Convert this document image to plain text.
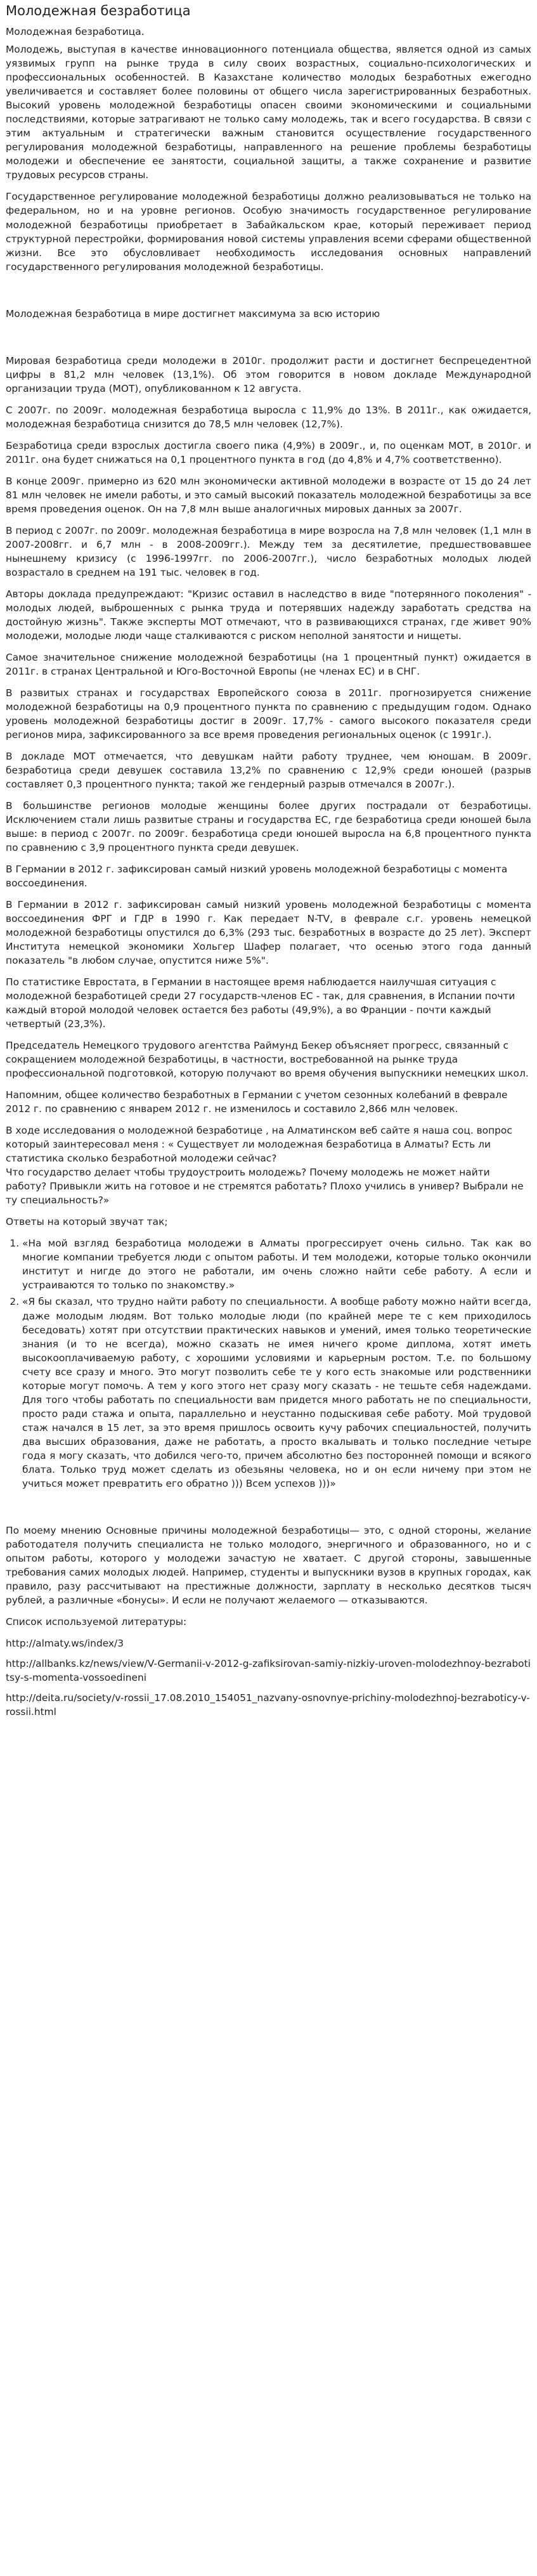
Молодежная безработица

Молодежная безработица.

Молодежь, выступая в качестве инновационного потенциала общества, является одной из самых уязвимых групп на рынке труда в силу своих возрастных, социально-психологических и профессиональных особенностей. В Казахстане количество молодых безработных ежегодно увеличивается и составляет более половины от общего числа зарегистрированных безработных. Высокий уровень молодежной безработицы опасен своими экономическими и социальными последствиями, которые затрагивают не только саму молодежь, так и всего государства. В связи с этим актуальным и стратегически важным становится осуществление государственного регулирования молодежной безработицы, направленного на решение проблемы безработицы молодежи и обеспечение ее занятости, социальной защиты, а также сохранение и развитие трудовых ресурсов страны.

Государственное регулирование молодежной безработицы должно реализовываться не только на федеральном, но и на уровне регионов. Особую значимость государственное регулирование молодежной безработицы приобретает в Забайкальском крае, который переживает период структурной перестройки, формирования новой системы управления всеми сферами общественной жизни. Все это обусловливает необходимость исследования основных направлений государственного регулирования молодежной безработицы.

Молодежная безработица в мире достигнет максимума за всю историю

Мировая безработица среди молодежи в 2010г. продолжит расти и достигнет беспрецедентной цифры в 81,2 млн человек (13,1%). Об этом говорится в новом докладе Международной организации труда (МОТ), опубликованном к 12 августа.

С 2007г. по 2009г. молодежная безработица выросла с 11,9% до 13%. В 2011г., как ожидается, молодежная безработица снизится до 78,5 млн человек (12,7%).

Безработица среди взрослых достигла своего пика (4,9%) в 2009г., и, по оценкам МОТ, в 2010г. и 2011г. она будет снижаться на 0,1 процентного пункта в год (до 4,8% и 4,7% соответственно).

В конце 2009г. примерно из 620 млн экономически активной молодежи в возрасте от 15 до 24 лет 81 млн человек не имели работы, и это самый высокий показатель молодежной безработицы за все время проведения оценок. Он на 7,8 млн выше аналогичных мировых данных за 2007г.

В период с 2007г. по 2009г. молодежная безработица в мире возросла на 7,8 млн человек (1,1 млн в 2007-2008гг. и 6,7 млн - в 2008-2009гг.). Между тем за десятилетие, предшествовавшее нынешнему кризису (с 1996-1997гг. по 2006-2007гг.), число безработных молодых людей возрастало в среднем на 191 тыс. человек в год.

Авторы доклада предупреждают: "Кризис оставил в наследство в виде "потерянного поколения" - молодых людей, выброшенных с рынка труда и потерявших надежду заработать средства на достойную жизнь". Также эксперты МОТ отмечают, что в развивающихся странах, где живет 90% молодежи, молодые люди чаще сталкиваются с риском неполной занятости и нищеты.

Самое значительное снижение молодежной безработицы (на 1 процентный пункт) ожидается в 2011г. в странах Центральной и Юго-Восточной Европы (не членах ЕС) и в СНГ.

В развитых странах и государствах Европейского союза в 2011г. прогнозируется снижение молодежной безработицы на 0,9 процентного пункта по сравнению с предыдущим годом. Однако уровень молодежной безработицы достиг в 2009г. 17,7% - самого высокого показателя среди регионов мира, зафиксированного за все время проведения региональных оценок (с 1991г.).

В докладе МОТ отмечается, что девушкам найти работу труднее, чем юношам. В 2009г. безработица среди девушек составила 13,2% по сравнению с 12,9% среди юношей (разрыв составляет 0,3 процентного пункта; такой же гендерный разрыв отмечался в 2007г.).

В большинстве регионов молодые женщины более других пострадали от безработицы. Исключением стали лишь развитые страны и государства ЕС, где безработица среди юношей была выше: в период с 2007г. по 2009г. безработица среди юношей выросла на 6,8 процентного пункта по сравнению с 3,9 процентного пункта среди девушек.

В Германии в 2012 г. зафиксирован самый низкий уровень молодежной безработицы с момента воссоединения.

В Германии в 2012 г. зафиксирован самый низкий уровень молодежной безработицы с момента воссоединения ФРГ и ГДР в 1990 г. Как передает N-TV, в феврале с.г. уровень немецкой молодежной безработицы опустился до 6,3% (293 тыс. безработных в возрасте до 25 лет). Эксперт Института немецкой экономики Хольгер Шафер полагает, что осенью этого года данный показатель "в любом случае, опустится ниже 5%".

По статистике Евростата, в Германии в настоящее время наблюдается наилучшая ситуация с молодежной безработицей среди 27 государств-членов ЕС - так, для сравнения, в Испании почти каждый второй молодой человек остается без работы (49,9%), а во Франции - почти каждый четвертый (23,3%).

Председатель Немецкого трудового агентства Раймунд Бекер объясняет прогресс, связанный с сокращением молодежной безработицы, в частности, востребованной на рынке труда профессиональной подготовкой, которую получают во время обучения выпускники немецких школ.

Напомним, общее количество безработных в Германии с учетом сезонных колебаний в феврале 2012 г. по сравнению с январем 2012 г. не изменилось и составило 2,866 млн человек.

В ходе исследования о молодежной безработице , на Алматинском веб сайте я наша соц. вопрос который заинтересовал меня : « Существует ли молодежная безработица в Алматы? Есть ли статистика сколько безработной молодежи сейчас?
Что государство делает чтобы трудоустроить молодежь? Почему молодежь не может найти работу? Привыкли жить на готовое и не стремятся работать? Плохо учились в универ? Выбрали не ту специальность?»

Ответы на который звучат так;

1. «На мой взгляд безработица молодежи в Алматы прогрессирует очень сильно. Так как во многие компании требуется люди с опытом работы. И тем молодежи, которые только окончили институт и нигде до этого не работали, им очень сложно найти себе работу. А если и устраиваются то только по знакомству.»
2. «Я бы сказал, что трудно найти работу по специальности. А вообще работу можно найти всегда, даже молодым людям. Вот только молодые люди (по крайней мере те с кем приходилось беседовать) хотят при отсутствии практических навыков и умений, имея только теоретические знания (и то не всегда), можно сказать не имея ничего кроме диплома, хотят иметь высокооплачиваемую работу, с хорошими условиями и карьерным ростом. Т.е. по большому счету все сразу и много. Это могут позволить себе те у кого есть знакомые или родственники которые могут помочь. А тем у кого этого нет сразу могу сказать - не тешьте себя надеждами. Для того чтобы работать по специальности вам придется много работать не по специальности, просто ради стажа и опыта, параллельно и неустанно подыскивая себе работу. Мой трудовой стаж начался в 15 лет, за это время пришлось освоить кучу рабочих специальностей, получить два высших образования, даже не работать, а просто вкалывать и только последние четыре года я могу сказать, что добился чего-то, причем абсолютно без посторонней помощи и всякого блата. Только труд может сделать из обезьяны человека, но и он если ничему при этом не учиться может превратить его обратно ))) Всем успехов )))»

По моему мнению Основные причины молодежной безработицы— это, с одной стороны, желание работодателя получить специалиста не только молодого, энергичного и образованного, но и с опытом работы, которого у молодежи зачастую не хватает. С другой стороны, завышенные требования самих молодых людей. Например, студенты и выпускники вузов в крупных городах, как правило, разу рассчитывают на престижные должности, зарплату в несколько десятков тысяч рублей, а различные «бонусы». И если не получают желаемого — отказываются.

Список используемой литературы:

http://almaty.ws/index/3
http://allbanks.kz/news/view/V-Germanii-v-2012-g-zafiksirovan-samiy-nizkiy-uroven-molodezhnoy-bezrabotitsy-s-momenta-vossoedineni
http://deita.ru/society/v-rossii_17.08.2010_154051_nazvany-osnovnye-prichiny-molodezhnoj-bezraboticy-v-rossii.html
